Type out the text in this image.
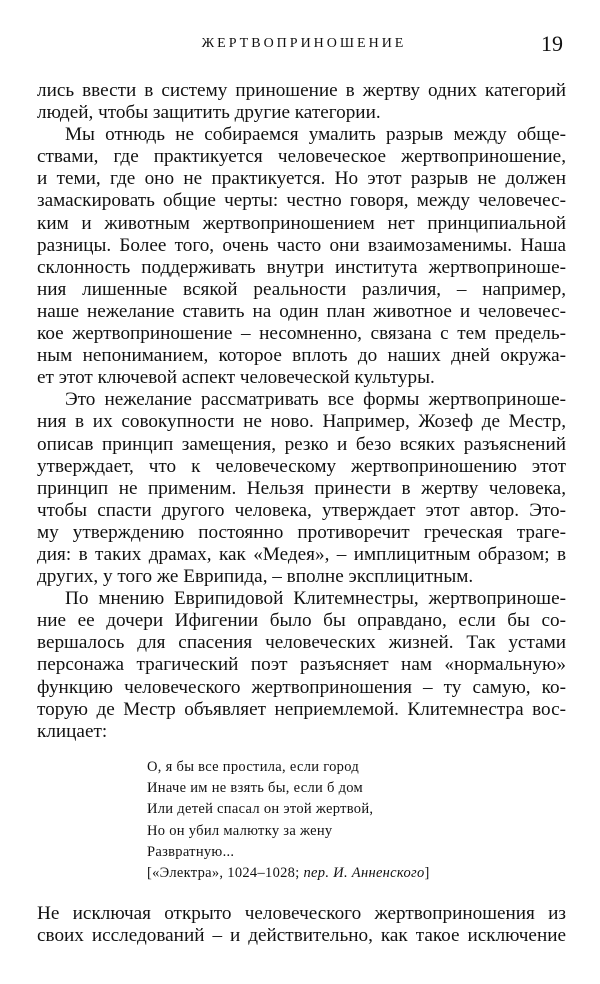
ЖЕРТВОПРИНОШЕНИЕ	19
лись ввести в систему приношение в жертву одних категорий
людей, чтобы защитить другие категории.
Мы отнюдь не собираемся умалить разрыв между обще-
ствами, где практикуется человеческое жертвоприношение,
и теми, где оно не практикуется. Но этот разрыв не должен
замаскировать общие черты: честно говоря, между человечес-
ким и животным жертвоприношением нет принципиальной
разницы. Более того, очень часто они взаимозаменимы. Наша
склонность поддерживать внутри института жертвоприноше-
ния лишенные всякой реальности различия, – например,
наше нежелание ставить на один план животное и человечес-
кое жертвоприношение – несомненно, связана с тем предель-
ным непониманием, которое вплоть до наших дней окружа-
ет этот ключевой аспект человеческой культуры.
Это нежелание рассматривать все формы жертвоприноше-
ния в их совокупности не ново. Например, Жозеф де Местр,
описав принцип замещения, резко и безо всяких разъяснений
утверждает, что к человеческому жертвоприношению этот
принцип не применим. Нельзя принести в жертву человека,
чтобы спасти другого человека, утверждает этот автор. Это-
му утверждению постоянно противоречит греческая траге-
дия: в таких драмах, как «Медея», – имплицитным образом; в
других, у того же Еврипида, – вполне эксплицитным.
По мнению Еврипидовой Клитемнестры, жертвоприноше-
ние ее дочери Ифигении было бы оправдано, если бы со-
вершалось для спасения человеческих жизней. Так устами
персонажа трагический поэт разъясняет нам «нормальную»
функцию человеческого жертвоприношения – ту самую, ко-
торую де Местр объявляет неприемлемой. Клитемнестра вос-
клицает:
О, я бы все простила, если город
Иначе им не взять бы, если б дом
Или детей спасал он этой жертвой,
Но он убил малютку за жену
Развратную...
[«Электра», 1024–1028; пер. И. Анненского]
Не исключая открыто человеческого жертвоприношения из
своих исследований – и действительно, как такое исключение
